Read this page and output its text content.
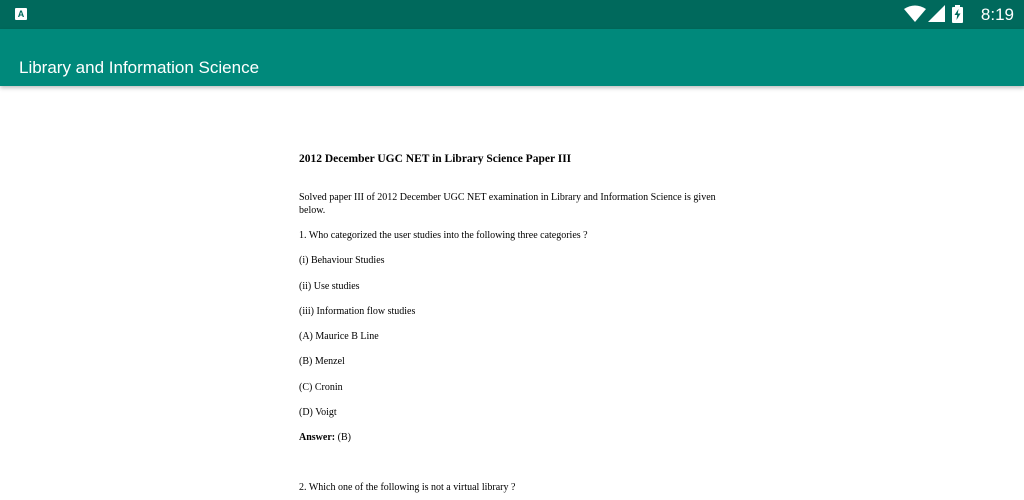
A	8:19
Library and Information Science
2012 December UGC NET in Library Science Paper III

Solved paper III of 2012 December UGC NET examination in Library and Information Science is given below.

1. Who categorized the user studies into the following three categories ?

(i) Behaviour Studies

(ii) Use studies

(iii) Information flow studies

(A) Maurice B Line

(B) Menzel

(C) Cronin

(D) Voigt

Answer: (B)

2. Which one of the following is not a virtual library ?
